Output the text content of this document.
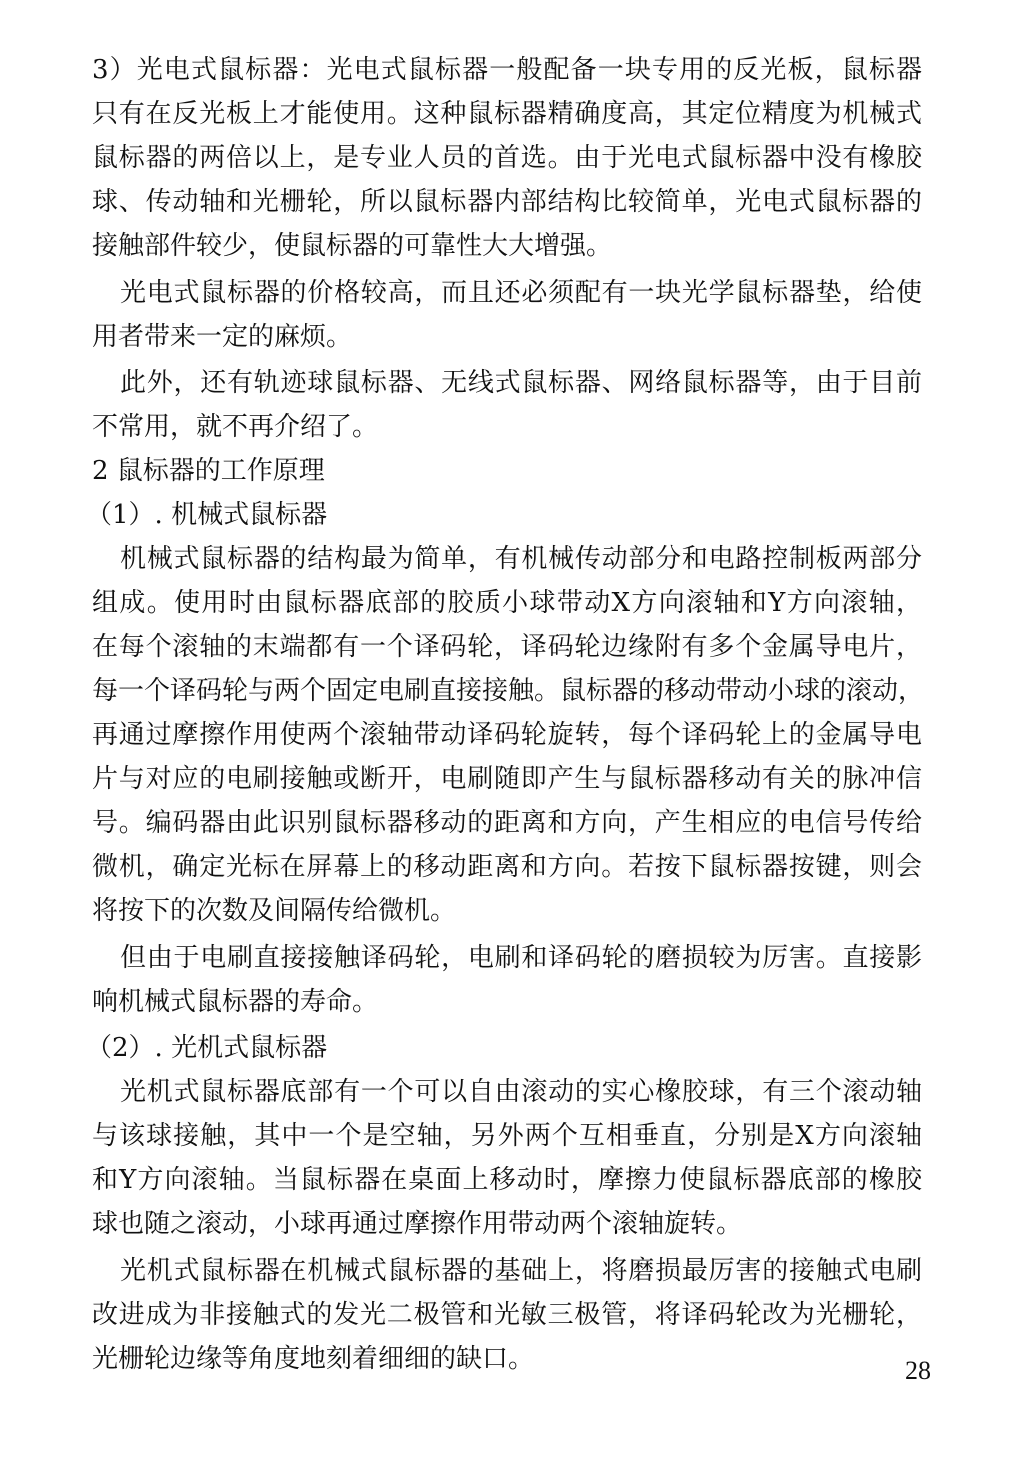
3）光电式鼠标器：光电式鼠标器一般配备一块专用的反光板，鼠标器
只有在反光板上才能使用。这种鼠标器精确度高，其定位精度为机械式
鼠标器的两倍以上，是专业人员的首选。由于光电式鼠标器中没有橡胶
球、传动轴和光栅轮，所以鼠标器内部结构比较简单，光电式鼠标器的
接触部件较少，使鼠标器的可靠性大大增强。
光电式鼠标器的价格较高，而且还必须配有一块光学鼠标器垫，给使
用者带来一定的麻烦。
此外，还有轨迹球鼠标器、无线式鼠标器、网络鼠标器等，由于目前
不常用，就不再介绍了。
2 鼠标器的工作原理
（1）. 机械式鼠标器
机械式鼠标器的结构最为简单，有机械传动部分和电路控制板两部分
组成。使用时由鼠标器底部的胶质小球带动X方向滚轴和Y方向滚轴，
在每个滚轴的末端都有一个译码轮，译码轮边缘附有多个金属导电片，
每一个译码轮与两个固定电刷直接接触。鼠标器的移动带动小球的滚动，
再通过摩擦作用使两个滚轴带动译码轮旋转，每个译码轮上的金属导电
片与对应的电刷接触或断开，电刷随即产生与鼠标器移动有关的脉冲信
号。编码器由此识别鼠标器移动的距离和方向，产生相应的电信号传给
微机，确定光标在屏幕上的移动距离和方向。若按下鼠标器按键，则会
将按下的次数及间隔传给微机。
但由于电刷直接接触译码轮，电刷和译码轮的磨损较为厉害。直接影
响机械式鼠标器的寿命。
（2）. 光机式鼠标器
光机式鼠标器底部有一个可以自由滚动的实心橡胶球，有三个滚动轴
与该球接触，其中一个是空轴，另外两个互相垂直，分别是X方向滚轴
和Y方向滚轴。当鼠标器在桌面上移动时，摩擦力使鼠标器底部的橡胶
球也随之滚动，小球再通过摩擦作用带动两个滚轴旋转。
光机式鼠标器在机械式鼠标器的基础上，将磨损最厉害的接触式电刷
改进成为非接触式的发光二极管和光敏三极管，将译码轮改为光栅轮，
光栅轮边缘等角度地刻着细细的缺口。	28
